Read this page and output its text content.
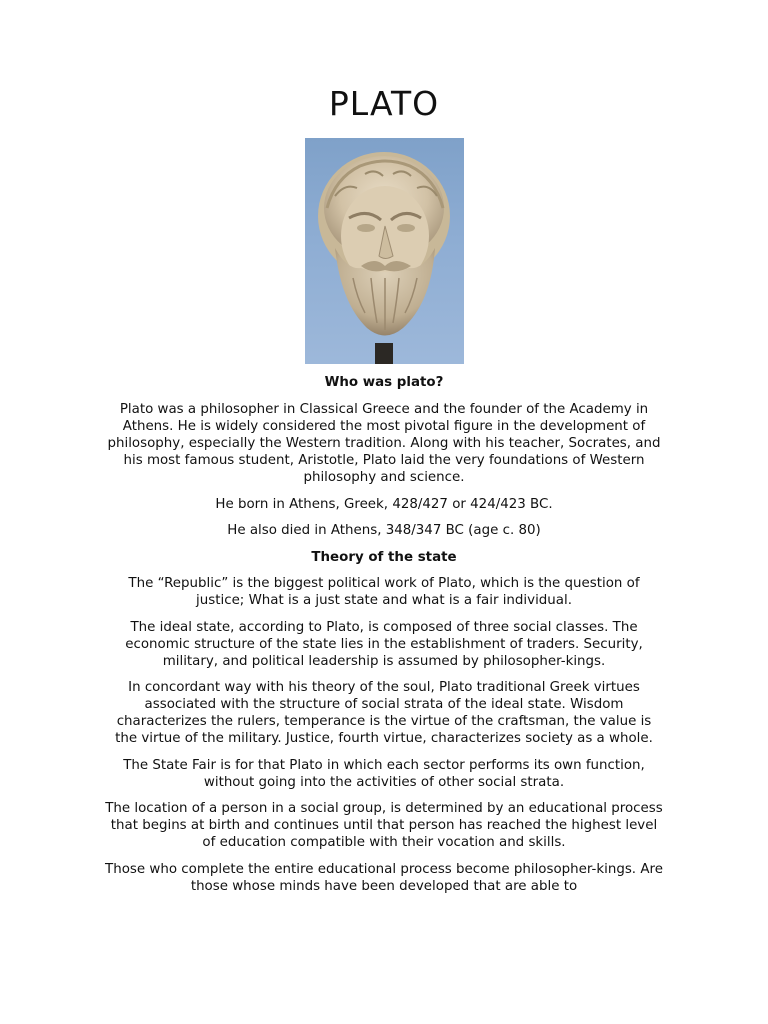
PLATO
Who was plato?

Plato was a philosopher in Classical Greece and the founder of the Academy in Athens. He is widely considered the most pivotal figure in the development of philosophy, especially the Western tradition. Along with his teacher, Socrates, and his most famous student, Aristotle, Plato laid the very foundations of Western philosophy and science.

He born in Athens, Greek, 428/427 or 424/423 BC.

He also died in Athens, 348/347 BC (age c. 80)

Theory of the state

The “Republic” is the biggest political work of Plato, which is the question of justice; What is a just state and what is a fair individual.

The ideal state, according to Plato, is composed of three social classes. The economic structure of the state lies in the establishment of traders. Security, military, and political leadership is assumed by philosopher-kings.

In concordant way with his theory of the soul, Plato traditional Greek virtues associated with the structure of social strata of the ideal state. Wisdom characterizes the rulers, temperance is the virtue of the craftsman, the value is the virtue of the military. Justice, fourth virtue, characterizes society as a whole.

The State Fair is for that Plato in which each sector performs its own function, without going into the activities of other social strata.

The location of a person in a social group, is determined by an educational process that begins at birth and continues until that person has reached the highest level of education compatible with their vocation and skills.

Those who complete the entire educational process become philosopher-kings. Are those whose minds have been developed that are able to
